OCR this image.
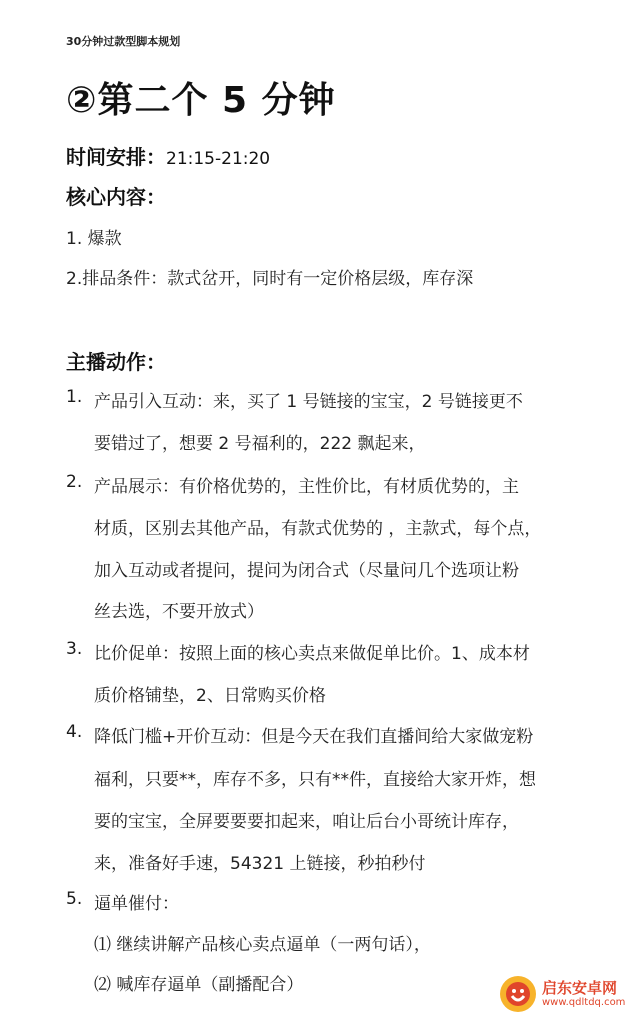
30分钟过款型脚本规划
②第二个 5 分钟
时间安排：21:15-21:20
核心内容：
1. 爆款
2.排品条件：款式岔开，同时有一定价格层级，库存深
主播动作：
1. 产品引入互动：来，买了 1 号链接的宝宝，2 号链接更不
要错过了，想要 2 号福利的，222 飘起来，
2. 产品展示：有价格优势的，主性价比，有材质优势的，主
材质，区别去其他产品，有款式优势的 ，主款式，每个点，
加入互动或者提问，提问为闭合式（尽量问几个选项让粉
丝去选，不要开放式）
3. 比价促单：按照上面的核心卖点来做促单比价。1、成本材
质价格铺垫，2、日常购买价格
4. 降低门槛+开价互动：但是今天在我们直播间给大家做宠粉
福利，只要**，库存不多，只有**件，直接给大家开炸，想
要的宝宝，全屏要要要扣起来，咱让后台小哥统计库存，
来，准备好手速，54321 上链接，秒拍秒付
5. 逼单催付：
⑴ 继续讲解产品核心卖点逼单（一两句话），
⑵ 喊库存逼单（副播配合）	启东安卓网
www.qdltdq.com
